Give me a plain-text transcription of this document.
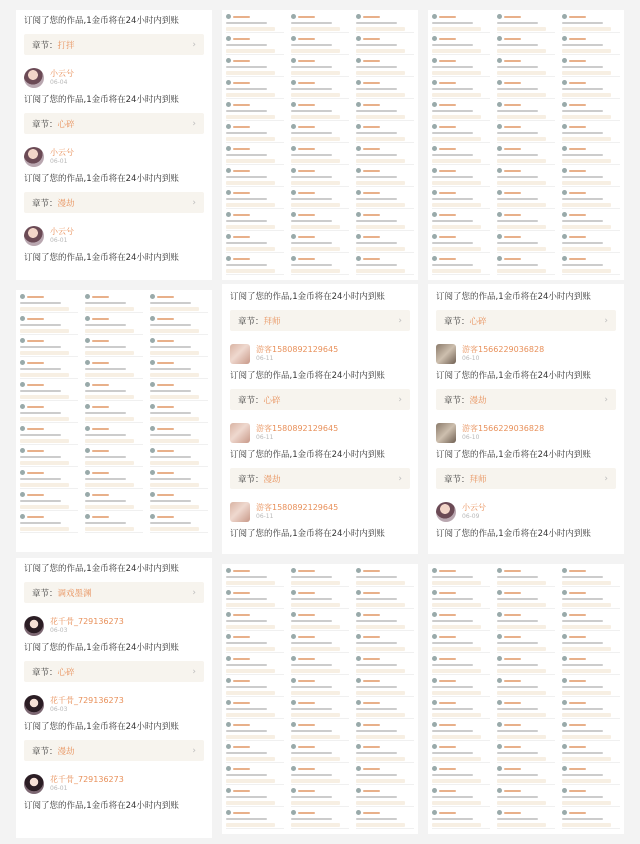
订阅了您的作品,1金币将在24小时内到账
章节：打拌	›
小云兮
06-04
订阅了您的作品,1金币将在24小时内到账
章节：心碎	›
小云兮
06-01
订阅了您的作品,1金币将在24小时内到账
章节：漫劫	›
小云兮
06-01
订阅了您的作品,1金币将在24小时内到账
订阅了您的作品,1金币将在24小时内到账
章节：拜师	›
游客1580892129645
06-11
订阅了您的作品,1金币将在24小时内到账
章节：心碎	›
游客1580892129645
06-11
订阅了您的作品,1金币将在24小时内到账
章节：漫劫	›
游客1580892129645
06-11
订阅了您的作品,1金币将在24小时内到账
订阅了您的作品,1金币将在24小时内到账
章节：心碎	›
游客1566229036828
06-10
订阅了您的作品,1金币将在24小时内到账
章节：漫劫	›
游客1566229036828
06-10
订阅了您的作品,1金币将在24小时内到账
章节：拜师	›
小云兮
06-09
订阅了您的作品,1金币将在24小时内到账
订阅了您的作品,1金币将在24小时内到账
章节：调戏墨渊	›
花千骨_729136273
06-03
订阅了您的作品,1金币将在24小时内到账
章节：心碎	›
花千骨_729136273
06-03
订阅了您的作品,1金币将在24小时内到账
章节：漫劫	›
花千骨_729136273
06-01
订阅了您的作品,1金币将在24小时内到账
